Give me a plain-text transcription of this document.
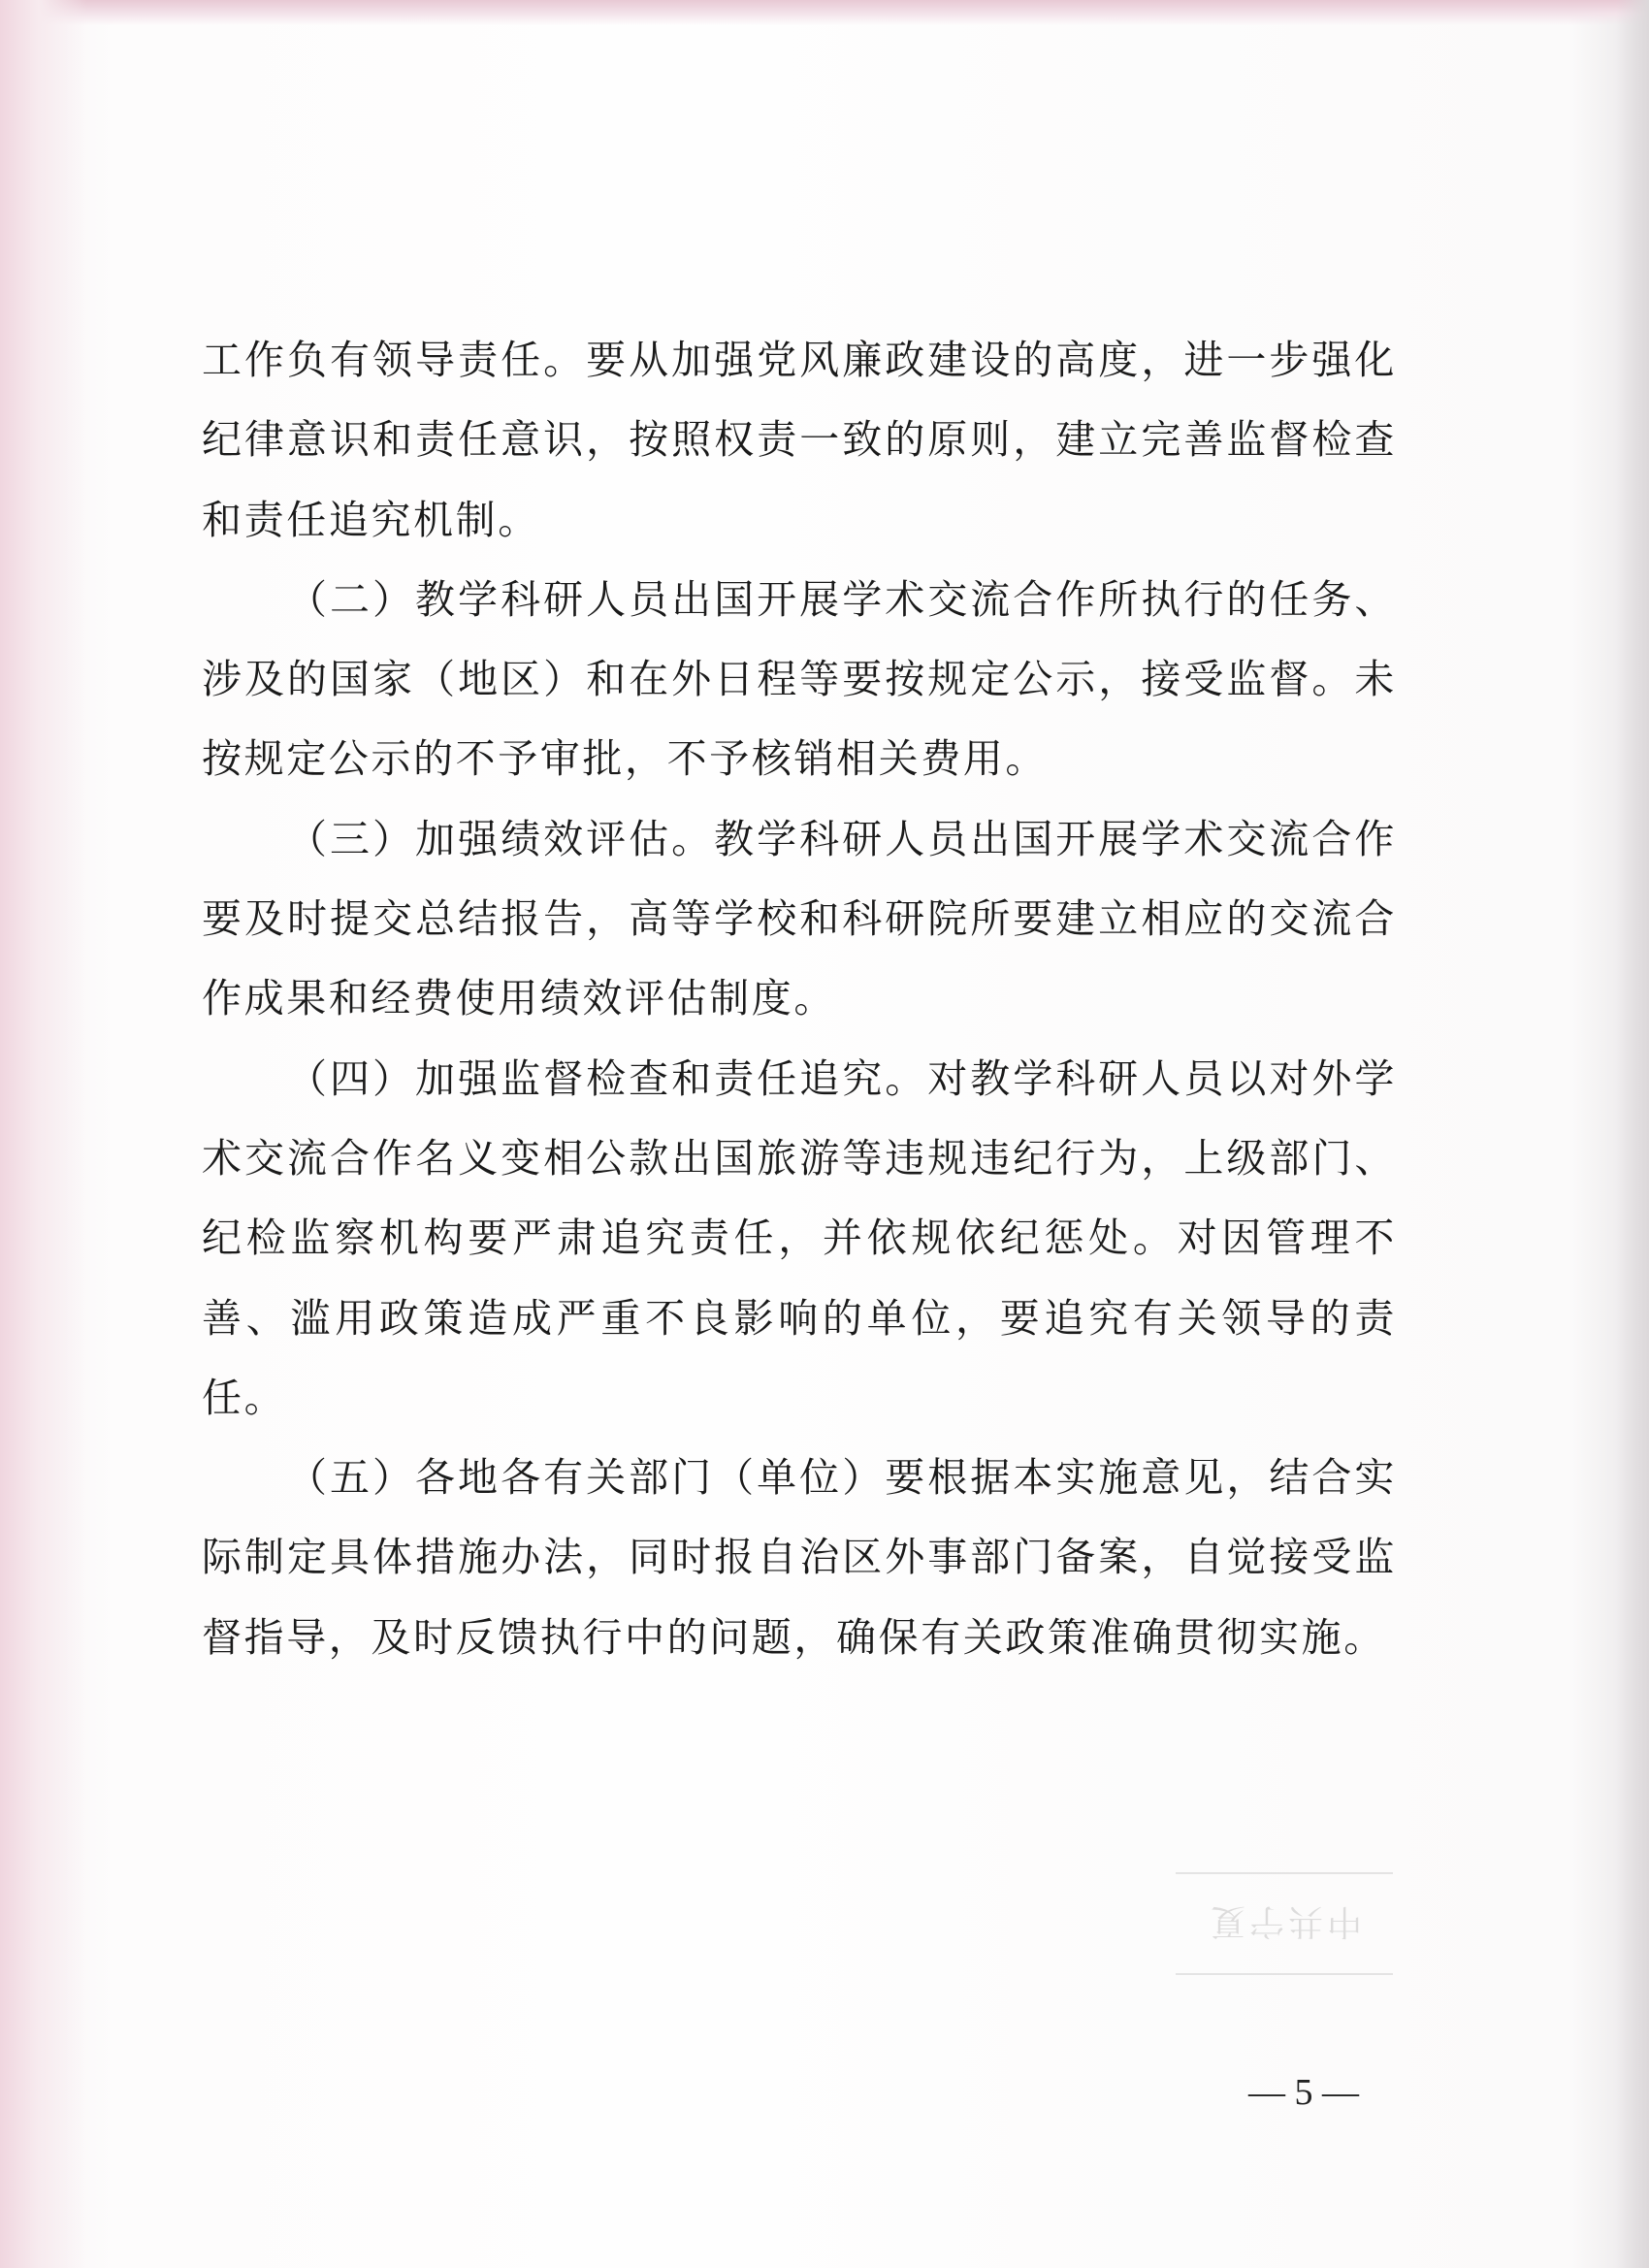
工作负有领导责任。要从加强党风廉政建设的高度，进一步强化纪律意识和责任意识，按照权责一致的原则，建立完善监督检查和责任追究机制。

（二）教学科研人员出国开展学术交流合作所执行的任务、涉及的国家（地区）和在外日程等要按规定公示，接受监督。未按规定公示的不予审批，不予核销相关费用。

（三）加强绩效评估。教学科研人员出国开展学术交流合作要及时提交总结报告，高等学校和科研院所要建立相应的交流合作成果和经费使用绩效评估制度。

（四）加强监督检查和责任追究。对教学科研人员以对外学术交流合作名义变相公款出国旅游等违规违纪行为，上级部门、纪检监察机构要严肃追究责任，并依规依纪惩处。对因管理不善、滥用政策造成严重不良影响的单位，要追究有关领导的责任。

（五）各地各有关部门（单位）要根据本实施意见，结合实际制定具体措施办法，同时报自治区外事部门备案，自觉接受监督指导，及时反馈执行中的问题，确保有关政策准确贯彻实施。

中共宁夏
— 5 —
